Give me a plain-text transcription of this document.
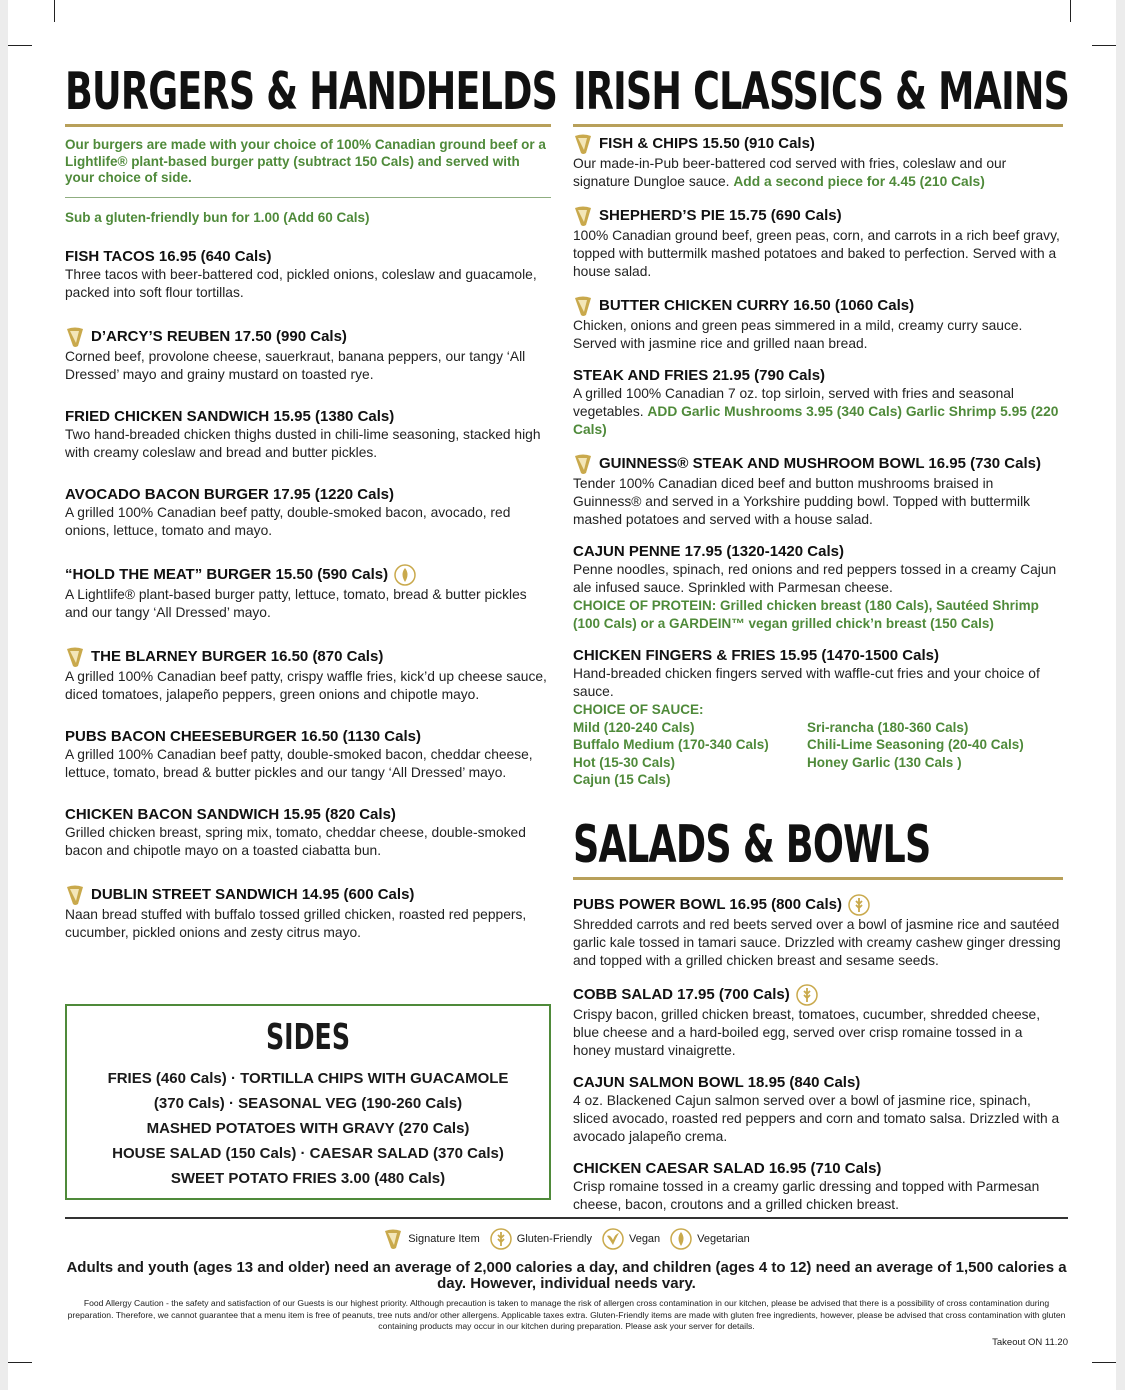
BURGERS & HANDHELDS
Our burgers are made with your choice of 100% Canadian ground beef or a Lightlife® plant-based burger patty (subtract 150 Cals) and served with your choice of side.
Sub a gluten-friendly bun for 1.00 (Add 60 Cals)
FISH TACOS 16.95 (640 Cals)
Three tacos with beer-battered cod, pickled onions, coleslaw and guacamole, packed into soft flour tortillas.
D’ARCY’S REUBEN 17.50 (990 Cals)
Corned beef, provolone cheese, sauerkraut, banana peppers, our tangy ‘All Dressed’ mayo and grainy mustard on toasted rye.
FRIED CHICKEN SANDWICH 15.95 (1380 Cals)
Two hand-breaded chicken thighs dusted in chili-lime seasoning, stacked high with creamy coleslaw and bread and butter pickles.
AVOCADO BACON BURGER 17.95 (1220 Cals)
A grilled 100% Canadian beef patty, double-smoked bacon, avocado, red onions, lettuce, tomato and mayo.
“HOLD THE MEAT” BURGER 15.50 (590 Cals)
A Lightlife® plant-based burger patty, lettuce, tomato, bread & butter pickles and our tangy ‘All Dressed’ mayo.
THE BLARNEY BURGER 16.50 (870 Cals)
A grilled 100% Canadian beef patty, crispy waffle fries, kick’d up cheese sauce, diced tomatoes, jalapeño peppers, green onions and chipotle mayo.
PUBS BACON CHEESEBURGER 16.50 (1130 Cals)
A grilled 100% Canadian beef patty, double-smoked bacon, cheddar cheese, lettuce, tomato, bread & butter pickles and our tangy ‘All Dressed’ mayo.
CHICKEN BACON SANDWICH 15.95 (820 Cals)
Grilled chicken breast, spring mix, tomato, cheddar cheese, double-smoked bacon and chipotle mayo on a toasted ciabatta bun.
DUBLIN STREET SANDWICH 14.95 (600 Cals)
Naan bread stuffed with buffalo tossed grilled chicken, roasted red peppers, cucumber, pickled onions and zesty citrus mayo.
SIDES
FRIES (460 Cals) · TORTILLA CHIPS WITH GUACAMOLE
(370 Cals) · SEASONAL VEG (190-260 Cals)
MASHED POTATOES WITH GRAVY (270 Cals)
HOUSE SALAD (150 Cals) · CAESAR SALAD (370 Cals)
SWEET POTATO FRIES 3.00 (480 Cals)
IRISH CLASSICS & MAINS
FISH & CHIPS 15.50 (910 Cals)
Our made-in-Pub beer-battered cod served with fries, coleslaw and our signature Dungloe sauce. Add a second piece for 4.45 (210 Cals)
SHEPHERD’S PIE 15.75 (690 Cals)
100% Canadian ground beef, green peas, corn, and carrots in a rich beef gravy, topped with buttermilk mashed potatoes and baked to perfection. Served with a house salad.
BUTTER CHICKEN CURRY 16.50 (1060 Cals)
Chicken, onions and green peas simmered in a mild, creamy curry sauce. Served with jasmine rice and grilled naan bread.
STEAK AND FRIES 21.95 (790 Cals)
A grilled 100% Canadian 7 oz. top sirloin, served with fries and seasonal vegetables. ADD Garlic Mushrooms 3.95 (340 Cals) Garlic Shrimp 5.95 (220 Cals)
GUINNESS® STEAK AND MUSHROOM BOWL 16.95 (730 Cals)
Tender 100% Canadian diced beef and button mushrooms braised in Guinness® and served in a Yorkshire pudding bowl. Topped with buttermilk mashed potatoes and served with a house salad.
CAJUN PENNE 17.95 (1320-1420 Cals)
Penne noodles, spinach, red onions and red peppers tossed in a creamy Cajun ale infused sauce. Sprinkled with Parmesan cheese.
CHOICE OF PROTEIN: Grilled chicken breast (180 Cals), Sautéed Shrimp (100 Cals) or a GARDEIN™ vegan grilled chick’n breast (150 Cals)
CHICKEN FINGERS & FRIES 15.95 (1470-1500 Cals)
Hand-breaded chicken fingers served with waffle-cut fries and your choice of sauce.
CHOICE OF SAUCE:
Mild (120-240 Cals)	Sri-rancha (180-360 Cals)
Buffalo Medium (170-340 Cals)	Chili-Lime Seasoning (20-40 Cals)
Hot (15-30 Cals)	Honey Garlic (130 Cals )
Cajun (15 Cals)
SALADS & BOWLS
PUBS POWER BOWL 16.95 (800 Cals)
Shredded carrots and red beets served over a bowl of jasmine rice and sautéed garlic kale tossed in tamari sauce. Drizzled with creamy cashew ginger dressing and topped with a grilled chicken breast and sesame seeds.
COBB SALAD 17.95 (700 Cals)
Crispy bacon, grilled chicken breast, tomatoes, cucumber, shredded cheese, blue cheese and a hard-boiled egg, served over crisp romaine tossed in a honey mustard vinaigrette.
CAJUN SALMON BOWL 18.95 (840 Cals)
4 oz. Blackened Cajun salmon served over a bowl of jasmine rice, spinach, sliced avocado, roasted red peppers and corn and tomato salsa. Drizzled with a avocado jalapeño crema.
CHICKEN CAESAR SALAD 16.95 (710 Cals)
Crisp romaine tossed in a creamy garlic dressing and topped with Parmesan cheese, bacon, croutons and a grilled chicken breast.
Signature Item	Gluten-Friendly	Vegan	Vegetarian
Adults and youth (ages 13 and older) need an average of 2,000 calories a day, and children (ages 4 to 12) need an average of 1,500 calories a day. However, individual needs vary.
Food Allergy Caution - the safety and satisfaction of our Guests is our highest priority. Although precaution is taken to manage the risk of allergen cross contamination in our kitchen, please be advised that there is a possibility of cross contamination during preparation. Therefore, we cannot guarantee that a menu item is free of peanuts, tree nuts and/or other allergens. Applicable taxes extra. Gluten-Friendly items are made with gluten free ingredients, however, please be advised that cross contamination with gluten containing products may occur in our kitchen during preparation. Please ask your server for details.
Takeout ON 11.20
